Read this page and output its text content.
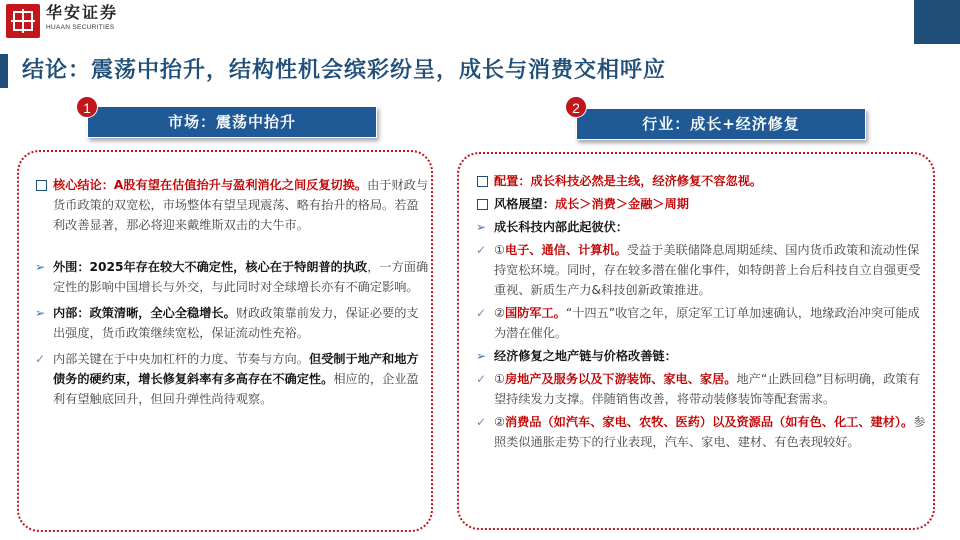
华安证券
HUAAN SECURITIES
结论：震荡中抬升，结构性机会缤彩纷呈，成长与消费交相呼应
1
市场：震荡中抬升
核心结论：A股有望在估值抬升与盈利消化之间反复切换。由于财政与货币政策的双宽松，市场整体有望呈现震荡、略有抬升的格局。若盈利改善显著，那必将迎来戴维斯双击的大牛市。
➢ 外围：2025年存在较大不确定性，核心在于特朗普的执政，一方面确定性的影响中国增长与外交，与此同时对全球增长亦有不确定影响。
➢ 内部：政策清晰，全心全稳增长。财政政策靠前发力，保证必要的支出强度，货币政策继续宽松，保证流动性充裕。
✓ 内部关键在于中央加杠杆的力度、节奏与方向。但受制于地产和地方债务的硬约束，增长修复斜率有多高存在不确定性。相应的，企业盈利有望触底回升，但回升弹性尚待观察。
2
行业：成长+经济修复
配置：成长科技必然是主线，经济修复不容忽视。
风格展望：成长＞消费＞金融＞周期
➢ 成长科技内部此起彼伏：
✓ ①电子、通信、计算机。受益于美联储降息周期延续、国内货币政策和流动性保持宽松环境。同时，存在较多潜在催化事件，如特朗普上台后科技自立自强更受重视、新质生产力&科技创新政策推进。
✓ ②国防军工。“十四五”收官之年，原定军工订单加速确认，地缘政治冲突可能成为潜在催化。
➢ 经济修复之地产链与价格改善链：
✓ ①房地产及服务以及下游装饰、家电、家居。地产“止跌回稳”目标明确，政策有望持续发力支撑。伴随销售改善，将带动装修装饰等配套需求。
✓ ②消费品（如汽车、家电、农牧、医药）以及资源品（如有色、化工、建材）。参照类似通胀走势下的行业表现，汽车、家电、建材、有色表现较好。
